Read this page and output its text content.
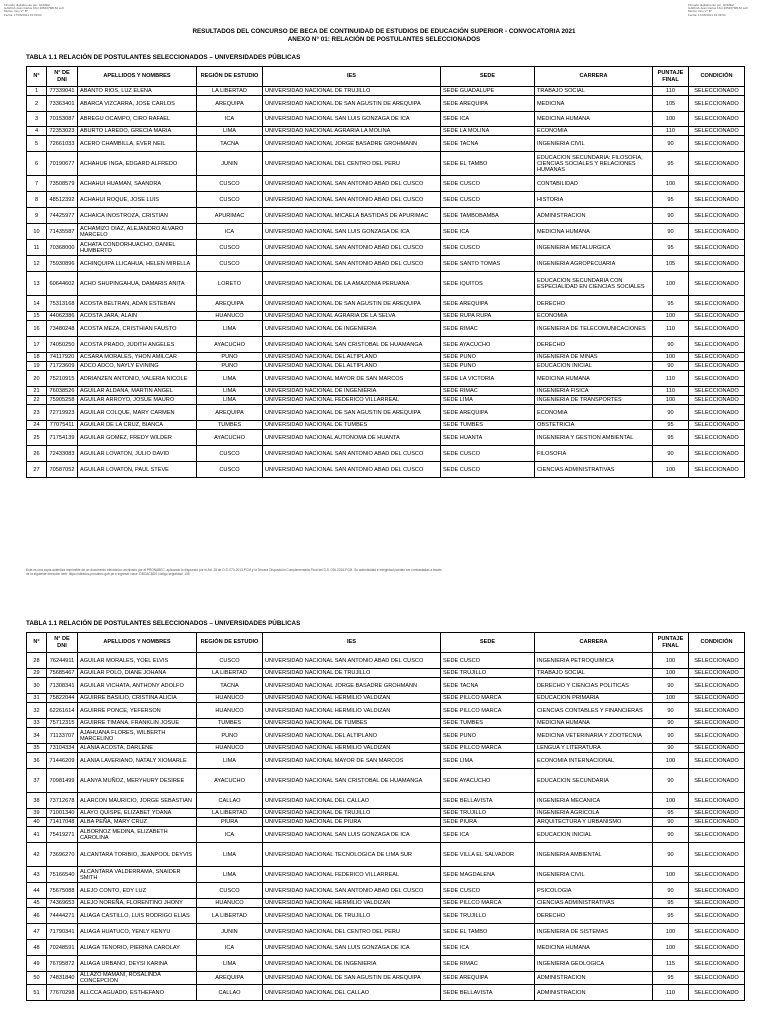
Firmado digitalmente por: GOMEZ
GARCIA Juan Carlos FAU 20546798152 soft
Motivo: Doy V° B°
Fecha: 17/05/2021 15:09:04
Firmado digitalmente por: GOMEZ
GARCIA Juan Carlos FAU 20546798152 soft
Motivo: Doy V° B°
Fecha: 17/05/2021 15:09:04
RESULTADOS DEL CONCURSO DE BECA DE CONTINUIDAD DE ESTUDIOS DE EDUCACIÓN SUPERIOR - CONVOCATORIA 2021
ANEXO N° 01: RELACIÓN DE POSTULANTES SELECCIONADOS
TABLA 1.1 RELACIÓN DE POSTULANTES SELECCIONADOS – UNIVERSIDADES PÚBLICAS
N°	N° DE DNI	APELLIDOS Y NOMBRES	REGIÓN DE ESTUDIO	IES	SEDE	CARRERA	PUNTAJE FINAL	CONDICIÓN
1	77339041	ABANTO RIOS, LUZ ELENA	LA LIBERTAD	UNIVERSIDAD NACIONAL DE TRUJILLO	SEDE GUADALUPE	TRABAJO SOCIAL	110	SELECCIONADO
2	73363401	ABARCA VIZCARRA, JOSE CARLOS	AREQUIPA	UNIVERSIDAD NACIONAL DE SAN AGUSTIN DE AREQUIPA	SEDE AREQUIPA	MEDICINA	105	SELECCIONADO
3	70153087	ABREGU OCAMPO, CIRO RAFAEL	ICA	UNIVERSIDAD NACIONAL SAN LUIS GONZAGA DE ICA	SEDE ICA	MEDICINA HUMANA	100	SELECCIONADO
4	72353023	ABURTO LAREDO, GRECIA MARIA	LIMA	UNIVERSIDAD NACIONAL AGRARIA LA MOLINA	SEDE LA MOLINA	ECONOMIA	110	SELECCIONADO
5	72661033	ACERO CHAMBILLA, EVER NEIL	TACNA	UNIVERSIDAD NACIONAL JORGE BASADRE GROHMANN	SEDE TACNA	INGENIERIA CIVIL	90	SELECCIONADO
6	70190677	ACHAHUE INGA, EDGARD ALFREDO	JUNIN	UNIVERSIDAD NACIONAL DEL CENTRO DEL PERU	SEDE EL TAMBO	EDUCACION SECUNDARIA: FILOSOFIA, CIENCIAS SOCIALES Y RELACIONES HUMANAS	95	SELECCIONADO
7	73508579	ACHAHUI HUAMAN, SAANDRA	CUSCO	UNIVERSIDAD NACIONAL SAN ANTONIO ABAD DEL CUSCO	SEDE CUSCO	CONTABILIDAD	100	SELECCIONADO
8	48512392	ACHAHUI ROQUE, JOSE LUIS	CUSCO	UNIVERSIDAD NACIONAL SAN ANTONIO ABAD DEL CUSCO	SEDE CUSCO	HISTORIA	95	SELECCIONADO
9	74425977	ACHAICA INOSTROZA, CRISTIAN	APURIMAC	UNIVERSIDAD NACIONAL MICAELA BASTIDAS DE APURIMAC	SEDE TAMBOBAMBA	ADMINISTRACION	90	SELECCIONADO
10	71435587	ACHAMIZO DIAZ, ALEJANDRO ALVARO MARCELO	ICA	UNIVERSIDAD NACIONAL SAN LUIS GONZAGA DE ICA	SEDE ICA	MEDICINA HUMANA	90	SELECCIONADO
11	70368000	ACHATA CONDORHUACHO, DANIEL HUMBERTO	CUSCO	UNIVERSIDAD NACIONAL SAN ANTONIO ABAD DEL CUSCO	SEDE CUSCO	INGENIERIA METALURGICA	95	SELECCIONADO
12	75930896	ACHINQUIPA LLICAHUA, HELEN MIRELLA	CUSCO	UNIVERSIDAD NACIONAL SAN ANTONIO ABAD DEL CUSCO	SEDE SANTO TOMAS	INGENIERIA AGROPECUARIA	105	SELECCIONADO
13	60644602	ACHO SHUPINGAHUA, DAMARIS ANITA	LORETO	UNIVERSIDAD NACIONAL DE LA AMAZONIA PERUANA	SEDE IQUITOS	EDUCACION SECUNDARIA CON ESPECIALIDAD EN CIENCIAS SOCIALES	100	SELECCIONADO
14	75313168	ACOSTA BELTRAN, ADAN ESTEBAN	AREQUIPA	UNIVERSIDAD NACIONAL DE SAN AGUSTIN DE AREQUIPA	SEDE AREQUIPA	DERECHO	95	SELECCIONADO
15	44062386	ACOSTA JARA, ALAIN	HUANUCO	UNIVERSIDAD NACIONAL AGRARIA DE LA SELVA	SEDE RUPA RUPA	ECONOMIA	100	SELECCIONADO
16	73480248	ACOSTA MEZA, CRISTHIAN FAUSTO	LIMA	UNIVERSIDAD NACIONAL DE INGENIERIA	SEDE RIMAC	INGENIERIA DE TELECOMUNICACIONES	110	SELECCIONADO
17	74050250	ACOSTA PRADO, JUDITH ANGELES	AYACUCHO	UNIVERSIDAD NACIONAL SAN CRISTOBAL DE HUAMANGA	SEDE AYACUCHO	DERECHO	90	SELECCIONADO
18	74117920	ACSARA MORALES, YHON AMILCAR	PUNO	UNIVERSIDAD NACIONAL DEL ALTIPLANO	SEDE PUNO	INGENIERIA DE MINAS	100	SELECCIONADO
19	71723609	ADCO ADCO, NAYLY EVINING	PUNO	UNIVERSIDAD NACIONAL DEL ALTIPLANO	SEDE PUNO	EDUCACION INICIAL	90	SELECCIONADO
20	75210915	ADRIANZEN ANTONIO, VALERIA NICOLE	LIMA	UNIVERSIDAD NACIONAL MAYOR DE SAN MARCOS	SEDE LA VICTORIA	MEDICINA HUMANA	110	SELECCIONADO
21	76038526	AGUILAR ALDANA, MARTIN ANGEL	LIMA	UNIVERSIDAD NACIONAL DE INGENIERIA	SEDE RIMAC	INGENIERIA FISICA	110	SELECCIONADO
22	75905258	AGUILAR ARROYO, JOSUE MAURO	LIMA	UNIVERSIDAD NACIONAL FEDERICO VILLARREAL	SEDE LIMA	INGENIERIA DE TRANSPORTES	100	SELECCIONADO
23	72719923	AGUILAR COLQUE, MARY CARMEN	AREQUIPA	UNIVERSIDAD NACIONAL DE SAN AGUSTIN DE AREQUIPA	SEDE AREQUIPA	ECONOMIA	90	SELECCIONADO
24	77075411	AGUILAR DE LA CRUZ, BIANCA	TUMBES	UNIVERSIDAD NACIONAL DE TUMBES	SEDE TUMBES	OBSTETRICIA	95	SELECCIONADO
25	71754139	AGUILAR GOMEZ, FREDY WILDER	AYACUCHO	UNIVERSIDAD NACIONAL AUTONOMA DE HUANTA	SEDE HUANTA	INGENIERIA Y GESTION AMBIENTAL	95	SELECCIONADO
26	72433083	AGUILAR LOVATON, JULIO DAVID	CUSCO	UNIVERSIDAD NACIONAL SAN ANTONIO ABAD DEL CUSCO	SEDE CUSCO	FILOSOFIA	90	SELECCIONADO
27	70587052	AGUILAR LOVATON, PAUL STEVE	CUSCO	UNIVERSIDAD NACIONAL SAN ANTONIO ABAD DEL CUSCO	SEDE CUSCO	CIENCIAS ADMINISTRATIVAS	100	SELECCIONADO
Esta es una copia auténtica imprimible de un documento electrónico archivado por el PRONABEC, aplicando lo dispuesto por el Art. 25 de D.S. 070-2013-PCM y la Tercera Disposición Complementaria Final del D.S. 026-2016-PCM. Su autenticidad e integridad pueden ser contrastadas a través de la siguiente dirección web: https://sitradoc.pronabec.gob.pe e ingresar clave: DBOACBDS código seguridad: 108
TABLA 1.1 RELACIÓN DE POSTULANTES SELECCIONADOS – UNIVERSIDADES PÚBLICAS
N°	N° DE DNI	APELLIDOS Y NOMBRES	REGIÓN DE ESTUDIO	IES	SEDE	CARRERA	PUNTAJE FINAL	CONDICIÓN
28	76244911	AGUILAR MORALES, YOEL ELVIS	CUSCO	UNIVERSIDAD NACIONAL SAN ANTONIO ABAD DEL CUSCO	SEDE CUSCO	INGENIERIA PETROQUIMICA	100	SELECCIONADO
29	75685467	AGUILAR POLO, DIANE JOHANA	LA LIBERTAD	UNIVERSIDAD NACIONAL DE TRUJILLO	SEDE TRUJILLO	TRABAJO SOCIAL	100	SELECCIONADO
30	71308341	AGUILAR VICHATA, ANTHONY ADOLFO	TACNA	UNIVERSIDAD NACIONAL JORGE BASADRE GROHMANN	SEDE TACNA	DERECHO Y CIENCIAS POLITICAS	90	SELECCIONADO
31	75822044	AGUIRRE BASILIO, CRISTINA ALICIA	HUANUCO	UNIVERSIDAD NACIONAL HERMILIO VALDIZAN	SEDE PILLCO MARCA	EDUCACION PRIMARIA	100	SELECCIONADO
32	62261614	AGUIRRE PONCE, YEFERSON	HUANUCO	UNIVERSIDAD NACIONAL HERMILIO VALDIZAN	SEDE PILLCO MARCA	CIENCIAS CONTABLES Y FINANCIERAS	90	SELECCIONADO
33	75712315	AGUIRRE TIMANA, FRANKLIN JOSUE	TUMBES	UNIVERSIDAD NACIONAL DE TUMBES	SEDE TUMBES	MEDICINA HUMANA	90	SELECCIONADO
34	71133707	AJAHUANA FLORES, WILBERTH MARCELINO	PUNO	UNIVERSIDAD NACIONAL DEL ALTIPLANO	SEDE PUNO	MEDICINA VETERINARIA Y ZOOTECNIA	90	SELECCIONADO
35	73104334	ALANIA ACOSTA, DARLENE	HUANUCO	UNIVERSIDAD NACIONAL HERMILIO VALDIZAN	SEDE PILLCO MARCA	LENGUA Y LITERATURA	90	SELECCIONADO
36	71446209	ALANIA LAVERIANO, NATALY XIOMARLE	LIMA	UNIVERSIDAD NACIONAL MAYOR DE SAN MARCOS	SEDE LIMA	ECONOMIA INTERNACIONAL	100	SELECCIONADO
37	70981499	ALANYA MUÑOZ, MERYHURY DESIREE	AYACUCHO	UNIVERSIDAD NACIONAL SAN CRISTOBAL DE HUAMANGA	SEDE AYACUCHO	EDUCACION SECUNDARIA	90	SELECCIONADO
38	73712678	ALARCON MAURICIO, JORGE SEBASTIAN	CALLAO	UNIVERSIDAD NACIONAL DEL CALLAO	SEDE BELLAVISTA	INGENIERIA MECANICA	100	SELECCIONADO
39	71001340	ALAYO QUISPE, ELIZABET YOANA	LA LIBERTAD	UNIVERSIDAD NACIONAL DE TRUJILLO	SEDE TRUJILLO	INGENIERIA AGRICOLA	95	SELECCIONADO
40	71417048	ALBA PEÑA, MARY CRUZ	PIURA	UNIVERSIDAD NACIONAL DE PIURA	SEDE PIURA	ARQUITECTURA Y URBANISMO	90	SELECCIONADO
41	75419271	ALBORNOZ MEDINA, ELIZABETH CAROLINA	ICA	UNIVERSIDAD NACIONAL SAN LUIS GONZAGA DE ICA	SEDE ICA	EDUCACION INICIAL	90	SELECCIONADO
42	73696270	ALCANTARA TORIBIO, JEANPOOL DEYVIS	LIMA	UNIVERSIDAD NACIONAL TECNOLOGICA DE LIMA SUR	SEDE VILLA EL SALVADOR	INGENIERIA AMBIENTAL	90	SELECCIONADO
43	75166540	ALCANTARA VALDERRAMA, SNAIDER SMITH	LIMA	UNIVERSIDAD NACIONAL FEDERICO VILLARREAL	SEDE MAGDALENA	INGENIERIA CIVIL	100	SELECCIONADO
44	75675088	ALEJO CONTO, EDY LUZ	CUSCO	UNIVERSIDAD NACIONAL SAN ANTONIO ABAD DEL CUSCO	SEDE CUSCO	PSICOLOGIA	90	SELECCIONADO
45	74369653	ALEJO NOREÑA, FLORENTINO JHONY	HUANUCO	UNIVERSIDAD NACIONAL HERMILIO VALDIZAN	SEDE PILLCO MARCA	CIENCIAS ADMINISTRATIVAS	95	SELECCIONADO
46	74444271	ALIAGA CASTILLO, LUIS RODRIGO ELIAS	LA LIBERTAD	UNIVERSIDAD NACIONAL DE TRUJILLO	SEDE TRUJILLO	DERECHO	95	SELECCIONADO
47	71790341	ALIAGA HUATUCO, YENLY KENYU	JUNIN	UNIVERSIDAD NACIONAL DEL CENTRO DEL PERU	SEDE EL TAMBO	INGENIERIA DE SISTEMAS	100	SELECCIONADO
48	70248591	ALIAGA TENORIO, PIERINA CAROLAY	ICA	UNIVERSIDAD NACIONAL SAN LUIS GONZAGA DE ICA	SEDE ICA	MEDICINA HUMANA	100	SELECCIONADO
49	76795872	ALIAGA URBANO, DEYSI KARINA	LIMA	UNIVERSIDAD NACIONAL DE INGENIERIA	SEDE RIMAC	INGENIERIA GEOLOGICA	115	SELECCIONADO
50	74831840	ALLAZO MAMANI, ROSALINDA CONCEPCION	AREQUIPA	UNIVERSIDAD NACIONAL DE SAN AGUSTIN DE AREQUIPA	SEDE AREQUIPA	ADMINISTRACION	95	SELECCIONADO
51	77670298	ALLCCA AGUADO, ESTHEFANO	CALLAO	UNIVERSIDAD NACIONAL DEL CALLAO	SEDE BELLAVISTA	ADMINISTRACION	110	SELECCIONADO
